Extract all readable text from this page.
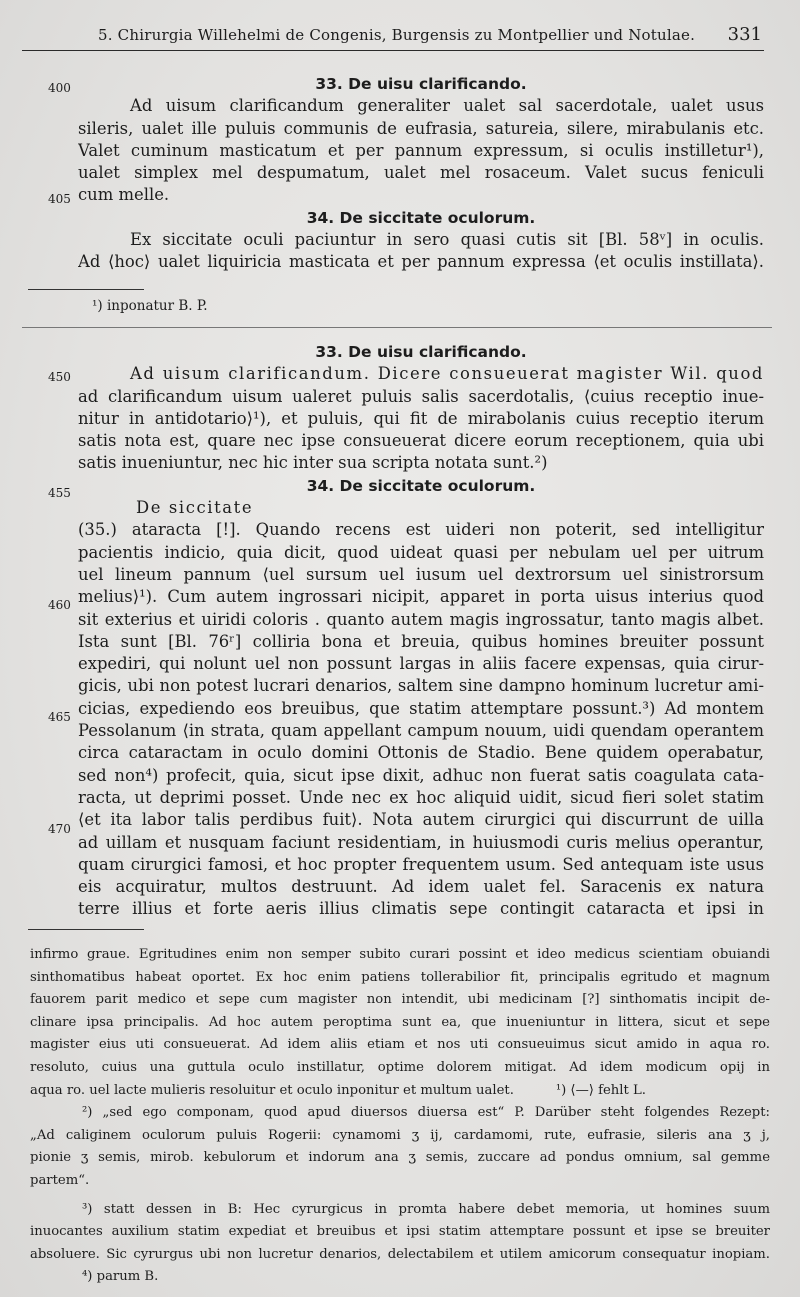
5. Chirurgia Willehelmi de Congenis, Burgensis zu Montpellier und Notulae. 331
400
405
33. De uisu clarificando.
Ad uisum clarificandum generaliter ualet sal sacerdotale, ualet usus
sileris, ualet ille puluis communis de eufrasia, satureia, silere, mirabulanis etc.
Valet cuminum masticatum et per pannum expressum, si oculis instilletur¹),
ualet simplex mel despumatum, ualet mel rosaceum. Valet sucus feniculi
cum melle.
34. De siccitate oculorum.
Ex siccitate oculi paciuntur in sero quasi cutis sit [Bl. 58ᵛ] in oculis.
Ad ⟨hoc⟩ ualet liquiricia masticata et per pannum expressa ⟨et oculis instillata⟩.
¹) inponatur B. P.
450
455
460
465
470
33. De uisu clarificando.
Ad uisum clarificandum. Dicere consueuerat magister Wil. quod
ad clarificandum uisum ualeret puluis salis sacerdotalis, ⟨cuius receptio inue-
nitur in antidotario⟩¹), et puluis, qui fit de mirabolanis cuius receptio iterum
satis nota est, quare nec ipse consueuerat dicere eorum receptionem, quia ubi
satis inueniuntur, nec hic inter sua scripta notata sunt.²)
34. De siccitate oculorum.
De siccitate
(35.) ataracta [!]. Quando recens est uideri non poterit, sed intelligitur
pacientis indicio, quia dicit, quod uideat quasi per nebulam uel per uitrum
uel lineum pannum ⟨uel sursum uel iusum uel dextrorsum uel sinistrorsum
melius⟩¹). Cum autem ingrossari nicipit, apparet in porta uisus interius quod
sit exterius et uiridi coloris . quanto autem magis ingrossatur, tanto magis albet.
Ista sunt [Bl. 76ʳ] colliria bona et breuia, quibus homines breuiter possunt
expediri, qui nolunt uel non possunt largas in aliis facere expensas, quia cirur-
gicis, ubi non potest lucrari denarios, saltem sine dampno hominum lucretur ami-
cicias, expediendo eos breuibus, que statim attemptare possunt.³) Ad montem
Pessolanum ⟨in strata, quam appellant campum nouum, uidi quendam operantem
circa cataractam in oculo domini Ottonis de Stadio. Bene quidem operabatur,
sed non⁴) profecit, quia, sicut ipse dixit, adhuc non fuerat satis coagulata cata-
racta, ut deprimi posset. Unde nec ex hoc aliquid uidit, sicud fieri solet statim
⟨et ita labor talis perdibus fuit⟩. Nota autem cirurgici qui discurrunt de uilla
ad uillam et nusquam faciunt residentiam, in huiusmodi curis melius operantur,
quam cirurgici famosi, et hoc propter frequentem usum. Sed antequam iste usus
eis acquiratur, multos destruunt. Ad idem ualet fel. Saracenis ex natura
terre illius et forte aeris illius climatis sepe contingit cataracta et ipsi in
infirmo graue. Egritudines enim non semper subito curari possint et ideo medicus scientiam obuiandi
sinthomatibus habeat oportet. Ex hoc enim patiens tollerabilior fit, principalis egritudo et magnum
fauorem parit medico et sepe cum magister non intendit, ubi medicinam [?] sinthomatis incipit de-
clinare ipsa principalis. Ad hoc autem peroptima sunt ea, que inueniuntur in littera, sicut et sepe
magister eius uti consueuerat. Ad idem aliis etiam et nos uti consueuimus sicut amido in aqua ro.
resoluto, cuius una guttula oculo instillatur, optime dolorem mitigat. Ad idem modicum opij in
aqua ro. uel lacte mulieris resoluitur et oculo inponitur et multum ualet.          ¹) ⟨—⟩ fehlt L.
²) „sed ego componam, quod apud diuersos diuersa est“ P. Darüber steht folgendes Rezept:
„Ad caliginem oculorum puluis Rogerii: cynamomi ʒ ij, cardamomi, rute, eufrasie, sileris ana ʒ j,
pionie ʒ semis, mirob. kebulorum et indorum ana ʒ semis, zuccare ad pondus omnium, sal gemme
partem“.
³) statt dessen in B: Hec cyrurgicus in promta habere debet memoria, ut homines suum
inuocantes auxilium statim expediat et breuibus et ipsi statim attemptare possunt et ipse se breuiter
absoluere. Sic cyrurgus ubi non lucretur denarios, delectabilem et utilem amicorum consequatur inopiam.
⁴) parum B.
